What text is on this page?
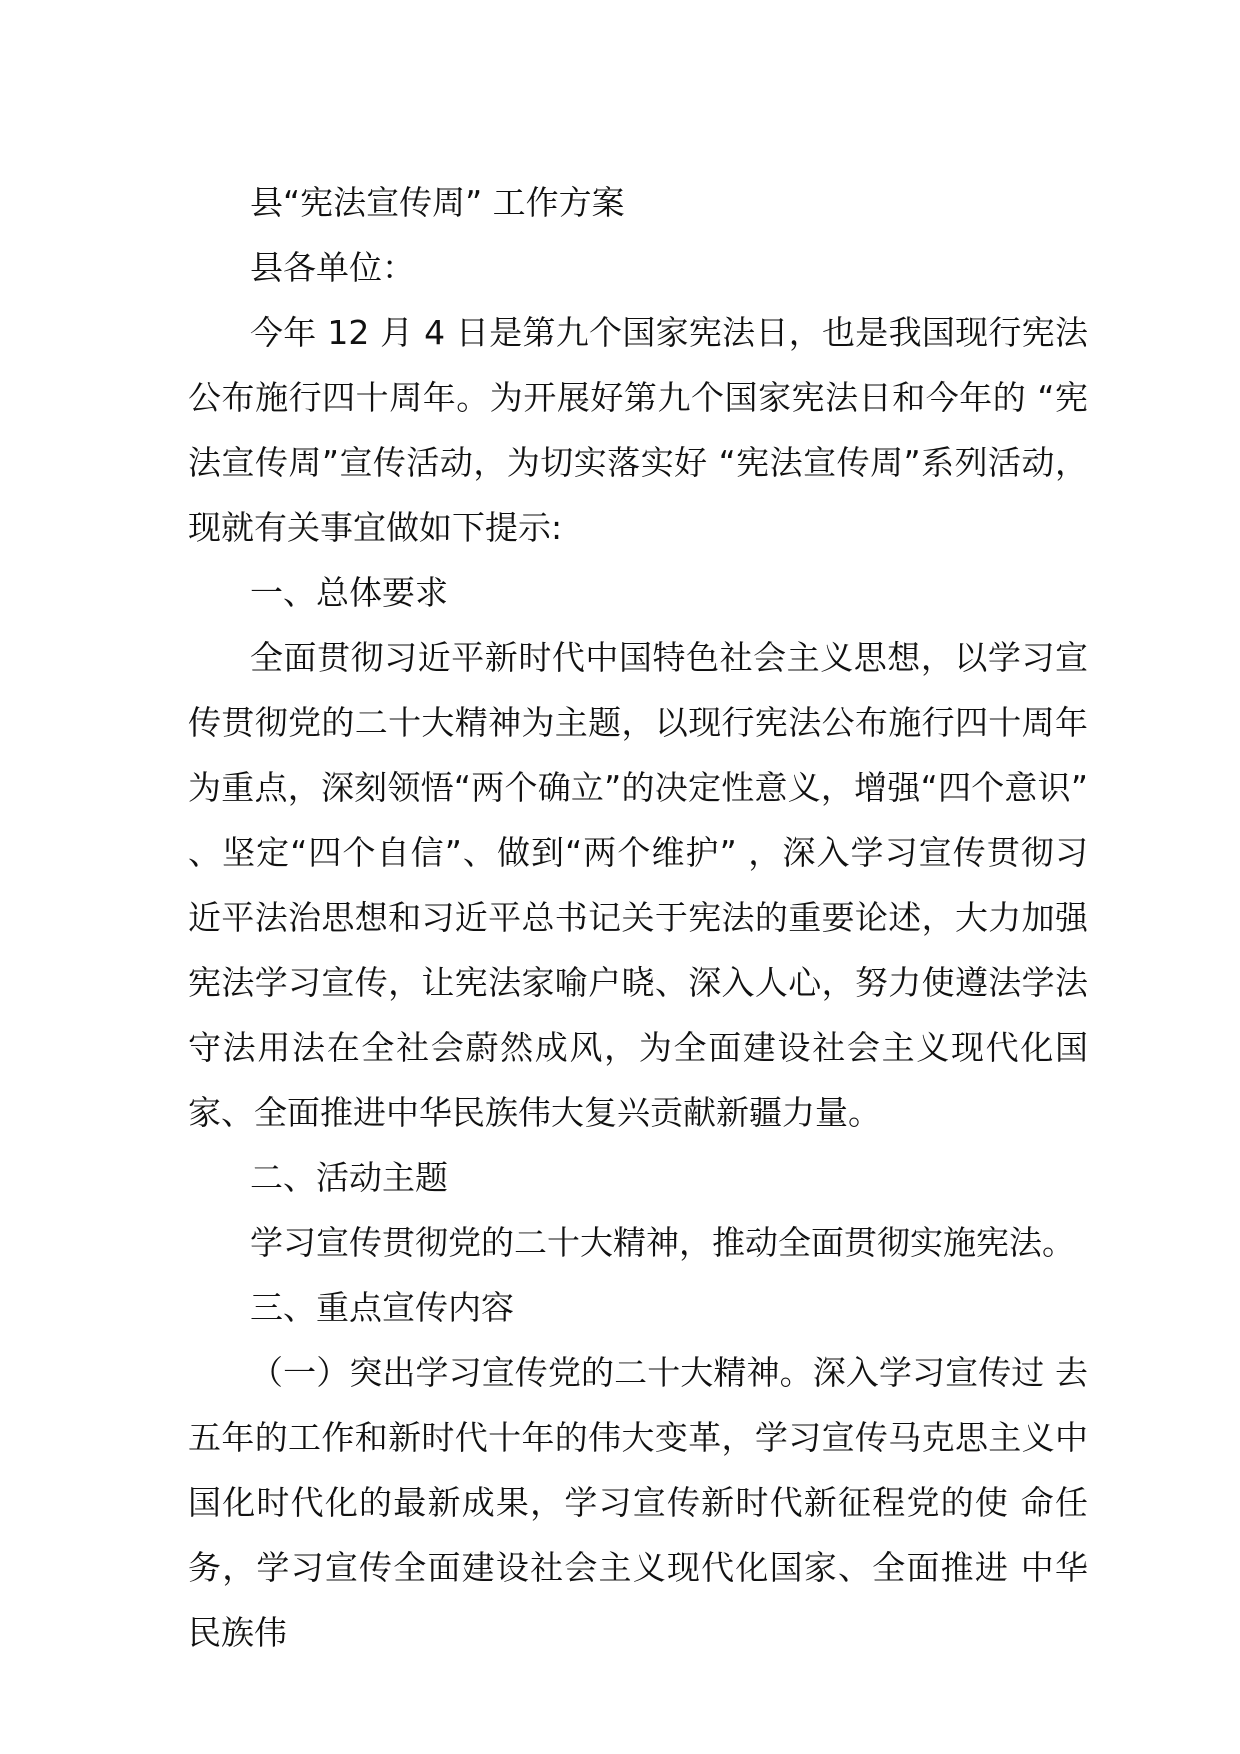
县“宪法宣传周” 工作方案

县各单位：

今年 12 月 4 日是第九个国家宪法日，也是我国现行宪法公布施行四十周年。为开展好第九个国家宪法日和今年的 “宪法宣传周”宣传活动，为切实落实好 “宪法宣传周”系列活动，现就有关事宜做如下提示:

一、总体要求

全面贯彻习近平新时代中国特色社会主义思想，以学习宣传贯彻党的二十大精神为主题，以现行宪法公布施行四十周年为重点，深刻领悟“两个确立”的决定性意义，增强“四个意识” 、坚定“四个自信”、做到“两个维护” ，深入学习宣传贯彻习近平法治思想和习近平总书记关于宪法的重要论述，大力加强宪法学习宣传，让宪法家喻户晓、深入人心，努力使遵法学法守法用法在全社会蔚然成风，为全面建设社会主义现代化国家、全面推进中华民族伟大复兴贡献新疆力量。

二、活动主题

学习宣传贯彻党的二十大精神，推动全面贯彻实施宪法。

三、重点宣传内容

（一）突出学习宣传党的二十大精神。深入学习宣传过 去五年的工作和新时代十年的伟大变革，学习宣传马克思主义中国化时代化的最新成果，学习宣传新时代新征程党的使 命任务，学习宣传全面建设社会主义现代化国家、全面推进 中华民族伟
